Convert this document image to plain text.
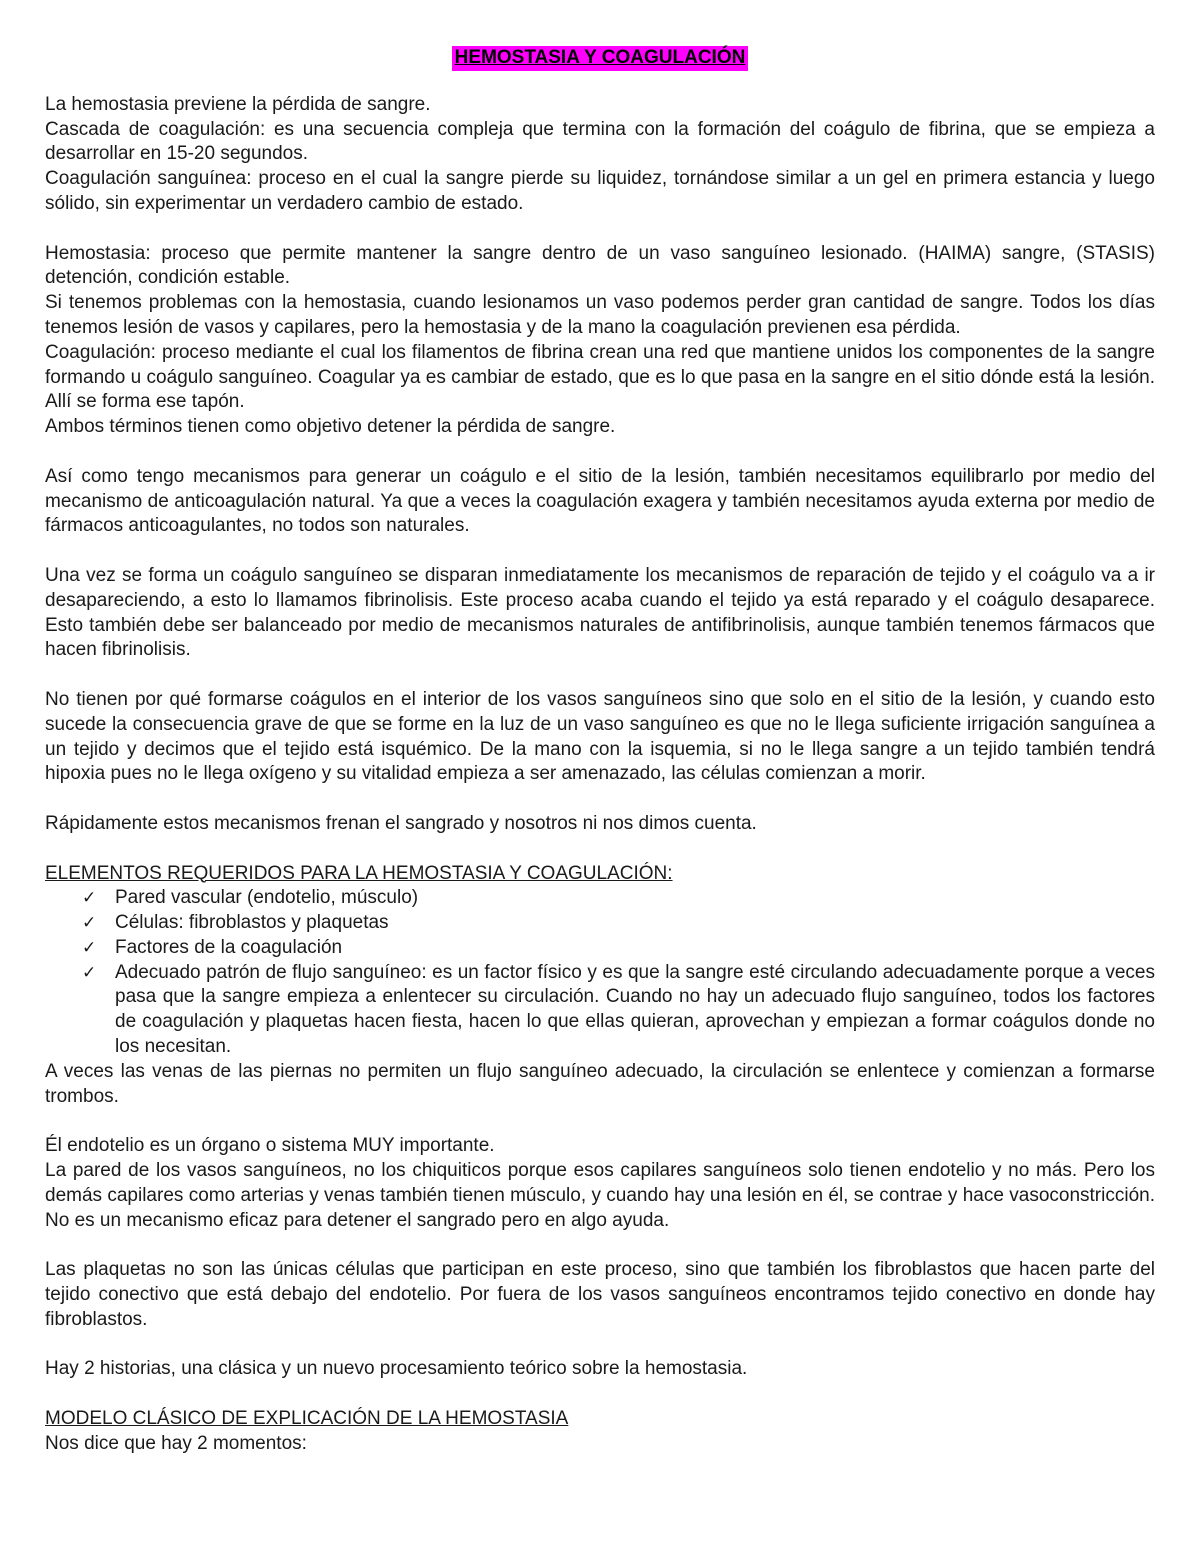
HEMOSTASIA Y COAGULACIÓN

La hemostasia previene la pérdida de sangre.

Cascada de coagulación: es una secuencia compleja que termina con la formación del coágulo de fibrina, que se empieza a desarrollar en 15-20 segundos.

Coagulación sanguínea: proceso en el cual la sangre pierde su liquidez, tornándose similar a un gel en primera estancia y luego sólido, sin experimentar un verdadero cambio de estado.

Hemostasia: proceso que permite mantener la sangre dentro de un vaso sanguíneo lesionado. (HAIMA) sangre, (STASIS) detención, condición estable.

Si tenemos problemas con la hemostasia, cuando lesionamos un vaso podemos perder gran cantidad de sangre. Todos los días tenemos lesión de vasos y capilares, pero la hemostasia y de la mano la coagulación previenen esa pérdida.

Coagulación: proceso mediante el cual los filamentos de fibrina crean una red que mantiene unidos los componentes de la sangre formando u coágulo sanguíneo. Coagular ya es cambiar de estado, que es lo que pasa en la sangre en el sitio dónde está la lesión. Allí se forma ese tapón.

Ambos términos tienen como objetivo detener la pérdida de sangre.

Así como tengo mecanismos para generar un coágulo e el sitio de la lesión, también necesitamos equilibrarlo por medio del mecanismo de anticoagulación natural. Ya que a veces la coagulación exagera y también necesitamos ayuda externa por medio de fármacos anticoagulantes, no todos son naturales.

Una vez se forma un coágulo sanguíneo se disparan inmediatamente los mecanismos de reparación de tejido y el coágulo va a ir desapareciendo, a esto lo llamamos fibrinolisis. Este proceso acaba cuando el tejido ya está reparado y el coágulo desaparece. Esto también debe ser balanceado por medio de mecanismos naturales de antifibrinolisis, aunque también tenemos fármacos que hacen fibrinolisis.

No tienen por qué formarse coágulos en el interior de los vasos sanguíneos sino que solo en el sitio de la lesión, y cuando esto sucede la consecuencia grave de que se forme en la luz de un vaso sanguíneo es que no le llega suficiente irrigación sanguínea a un tejido y decimos que el tejido está isquémico. De la mano con la isquemia, si no le llega sangre a un tejido también tendrá hipoxia pues no le llega oxígeno y su vitalidad empieza a ser amenazado, las células comienzan a morir.

Rápidamente estos mecanismos frenan el sangrado y nosotros ni nos dimos cuenta.

ELEMENTOS REQUERIDOS PARA LA HEMOSTASIA Y COAGULACIÓN:

✓ Pared vascular (endotelio, músculo)
✓ Células: fibroblastos y plaquetas
✓ Factores de la coagulación
✓ Adecuado patrón de flujo sanguíneo: es un factor físico y es que la sangre esté circulando adecuadamente porque a veces pasa que la sangre empieza a enlentecer su circulación. Cuando no hay un adecuado flujo sanguíneo, todos los factores de coagulación y plaquetas hacen fiesta, hacen lo que ellas quieran, aprovechan y empiezan a formar coágulos donde no los necesitan.

A veces las venas de las piernas no permiten un flujo sanguíneo adecuado, la circulación se enlentece y comienzan a formarse trombos.

Él endotelio es un órgano o sistema MUY importante.

La pared de los vasos sanguíneos, no los chiquiticos porque esos capilares sanguíneos solo tienen endotelio y no más. Pero los demás capilares como arterias y venas también tienen músculo, y cuando hay una lesión en él, se contrae y hace vasoconstricción. No es un mecanismo eficaz para detener el sangrado pero en algo ayuda.

Las plaquetas no son las únicas células que participan en este proceso, sino que también los fibroblastos que hacen parte del tejido conectivo que está debajo del endotelio. Por fuera de los vasos sanguíneos encontramos tejido conectivo en donde hay fibroblastos.

Hay 2 historias, una clásica y un nuevo procesamiento teórico sobre la hemostasia.

MODELO CLÁSICO DE EXPLICACIÓN DE LA HEMOSTASIA

Nos dice que hay 2 momentos:
